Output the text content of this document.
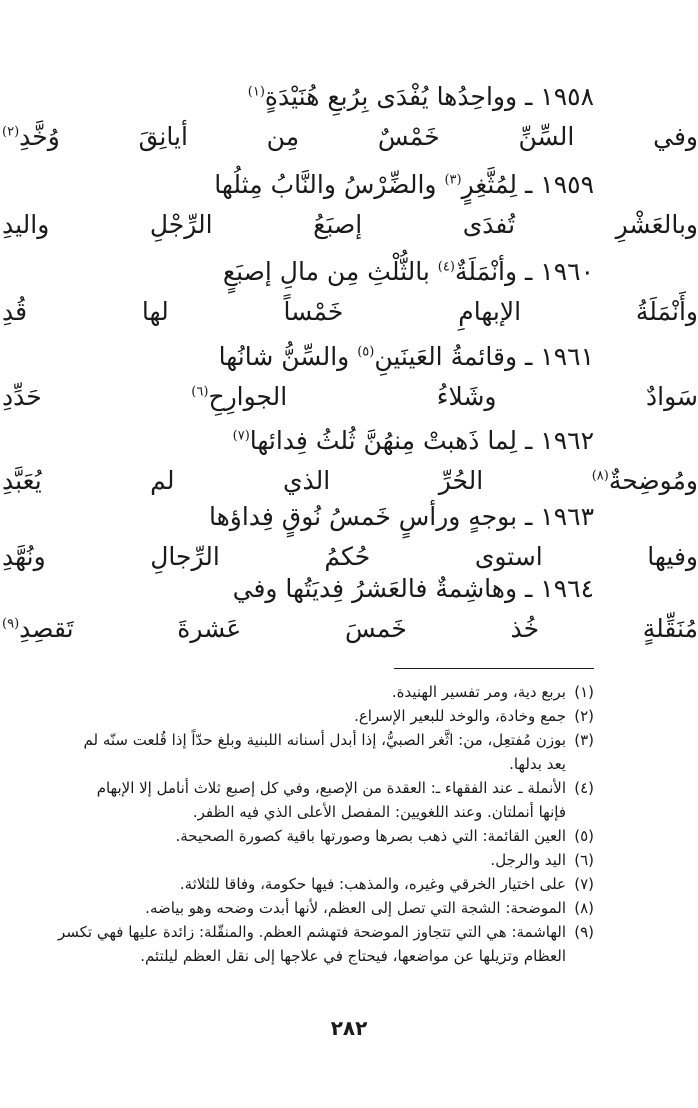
١٩٥٨ ـ وواحِدُها يُفْدَى بِرُبعِ هُنَيْدَةٍ$^{(١)}$
وفي السِّنِّ خَمْسٌ مِن أيانِقَ وُخَّدِ$^{(٢)}$
١٩٥٩ ـ لِمُثَّغِرٍ$^{(٣)}$ والضِّرْسُ والنَّابُ مِثلُها
وبالعَشْرِ تُفدَى إصبَعُ الرِّجْلِ واليدِ
١٩٦٠ ـ وأنْمَلَةٌ$^{(٤)}$ بالثُّلْثِ مِن مالِ إصبَعٍ
وأَنْمَلَةُ الإبهامِ خَمْساً لها قُدِ
١٩٦١ ـ وقائمةُ العَينَينِ$^{(٥)}$ والسِّنُّ شانُها
سَوادٌ وشَلاءُ الجوارِحِ$^{(٦)}$ حَدِّدِ
١٩٦٢ ـ لِما ذَهبتْ مِنهُنَّ ثُلثُ فِدائها$^{(٧)}$
ومُوضِحةٌ$^{(٨)}$ الحُرِّ الذي لم يُعَبَّدِ
١٩٦٣ ـ بوجهٍ ورأسٍ خَمسُ نُوقٍ فِداؤها
وفيها استوى حُكمُ الرِّجالِ ونُهَّدِ
١٩٦٤ ـ وهاشِمةٌ فالعَشرُ فِديَتُها وفي
مُنَقِّلةٍ خُذ خَمسَ عَشرةَ تَقصِدِ$^{(٩)}$
(١)
بربع دية، ومر تفسير الهنيدة.
(٢)
جمع وخادة، والوخد للبعير الإسراع.
(٣)
بوزن مُفتعِل، من: اثَّغر الصبيُّ، إذا أبدل أسنانه اللبنية وبلغ حدّاً إذا قُلعت سنّه لم
يعد بدلها.
(٤)
الأنملة ـ عند الفقهاء ـ: العقدة من الإصبع، وفي كل إصبع ثلاث أنامل إلا الإبهام
فإنها أنملتان. وعند اللغويين: المفصل الأعلى الذي فيه الظفر.
(٥)
العين القائمة: التي ذهب بصرها وصورتها باقية كصورة الصحيحة.
(٦)
اليد والرجل.
(٧)
على اختيار الخرقي وغيره، والمذهب: فيها حكومة، وفاقا للثلاثة.
(٨)
الموضحة: الشجة التي تصل إلى العظم، لأنها أبدت وضحه وهو بياضه.
(٩)
الهاشمة: هي التي تتجاوز الموضحة فتهشم العظم. والمنقّلة: زائدة عليها فهي تكسر
العظام وتزيلها عن مواضعها، فيحتاج في علاجها إلى نقل العظم ليلتئم.
٢٨٢
